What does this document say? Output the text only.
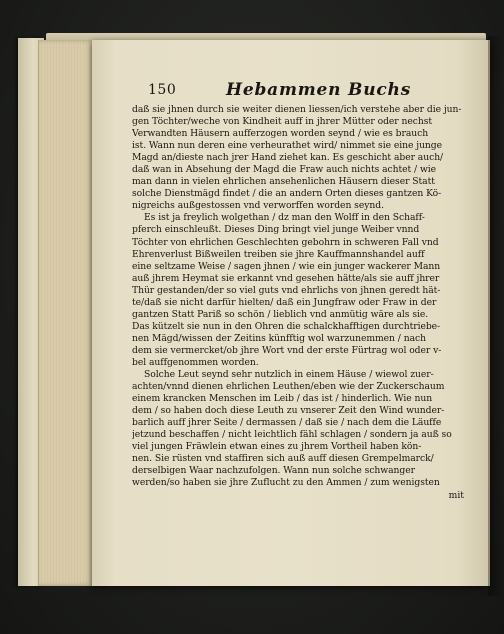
150	Hebammen Buchs
daß sie jhnen durch sie weiter dienen liessen/ich verstehe aber die jun-
gen Töchter/weche von Kindheit auff in jhrer Mütter oder nechst
Verwandten Häusern aufferzogen worden seynd / wie es brauch
ist. Wann nun deren eine verheurathet wird/ nimmet sie eine junge
Magd an/dieste nach jrer Hand ziehet kan. Es geschicht aber auch/
daß wan in Absehung der Magd die Fraw auch nichts achtet / wie
man dann in vielen ehrlichen ansehenlichen Häusern dieser Statt
solche Dienstmägd findet / die an andern Orten dieses gantzen Kö-
nigreichs außgestossen vnd verworffen worden seynd.
Es ist ja freylich wolgethan / dz man den Wolff in den Schaff-
pferch einschleußt. Dieses Ding bringt viel junge Weiber vnnd
Töchter von ehrlichen Geschlechten gebohrn in schweren Fall vnd
Ehrenverlust Bißweilen treiben sie jhre Kauffmannshandel auff
eine seltzame Weise / sagen jhnen / wie ein junger wackerer Mann
auß jhrem Heymat sie erkannt vnd gesehen hätte/als sie auff jhrer
Thür gestanden/der so viel guts vnd ehrlichs von jhnen geredt hät-
te/daß sie nicht darfür hielten/ daß ein Jungfraw oder Fraw in der
gantzen Statt Pariß so schön / lieblich vnd anmütig wäre als sie.
Das kützelt sie nun in den Ohren die schalckhafftigen durchtriebe-
nen Mägd/wissen der Zeitins künfftig wol warzunemmen / nach
dem sie vermercket/ob jhre Wort vnd der erste Fürtrag wol oder v-
bel auffgenommen worden.
Solche Leut seynd sehr nutzlich in einem Häuse / wiewol zuer-
achten/vnnd dienen ehrlichen Leuthen/eben wie der Zuckerschaum
einem krancken Menschen im Leib / das ist / hinderlich. Wie nun
dem / so haben doch diese Leuth zu vnserer Zeit den Wind wunder-
barlich auff jhrer Seite / dermassen / daß sie / nach dem die Läuffe
jetzund beschaffen / nicht leichtlich fähl schlagen / sondern ja auß so
viel jungen Fräwlein etwan eines zu jhrem Vortheil haben kön-
nen. Sie rüsten vnd staffiren sich auß auff diesen Grempelmarck/
derselbigen Waar nachzufolgen. Wann nun solche schwanger
werden/so haben sie jhre Zuflucht zu den Ammen / zum wenigsten
mit
